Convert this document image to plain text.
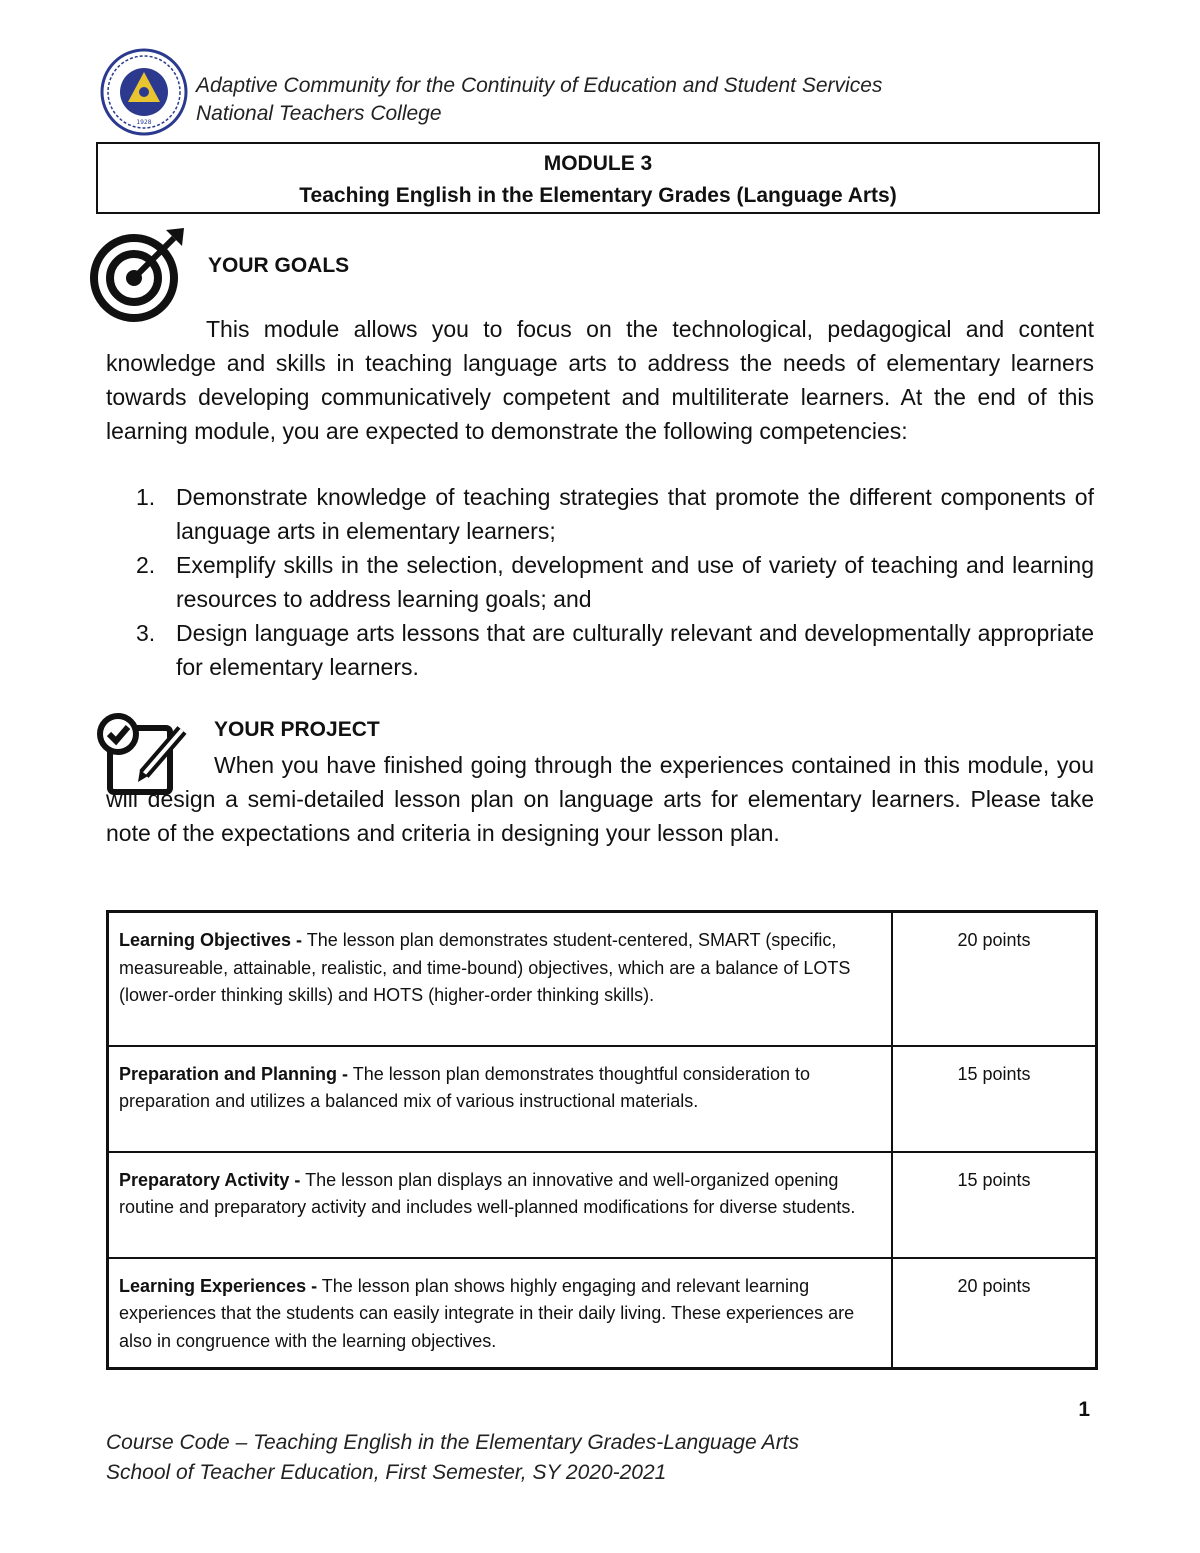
1928
Adaptive Community for the Continuity of Education and Student Services
National Teachers College
MODULE 3
Teaching English in the Elementary Grades (Language Arts)
YOUR GOALS
This module allows you to focus on the technological, pedagogical and content knowledge and skills in teaching language arts to address the needs of elementary learners towards developing communicatively competent and multiliterate learners. At the end of this learning module, you are expected to demonstrate the following competencies:
1. Demonstrate knowledge of teaching strategies that promote the different components of language arts in elementary learners;
2. Exemplify skills in the selection, development and use of variety of teaching and learning resources to address learning goals; and
3. Design language arts lessons that are culturally relevant and developmentally appropriate for elementary learners.
YOUR PROJECT
When you have finished going through the experiences contained in this module, you will design a semi-detailed lesson plan on language arts for elementary learners. Please take note of the expectations and criteria in designing your lesson plan.
Learning Objectives - The lesson plan demonstrates student-centered, SMART (specific, measureable, attainable, realistic, and time-bound) objectives, which are a balance of LOTS (lower-order thinking skills) and HOTS (higher-order thinking skills).	20 points
Preparation and Planning - The lesson plan demonstrates thoughtful consideration to preparation and utilizes a balanced mix of various instructional materials.	15 points
Preparatory Activity - The lesson plan displays an innovative and well-organized opening routine and preparatory activity and includes well-planned modifications for diverse students.	15 points
Learning Experiences - The lesson plan shows highly engaging and relevant learning experiences that the students can easily integrate in their daily living. These experiences are also in congruence with the learning objectives.	20 points
1
Course Code – Teaching English in the Elementary Grades-Language Arts
School of Teacher Education, First Semester, SY 2020-2021
